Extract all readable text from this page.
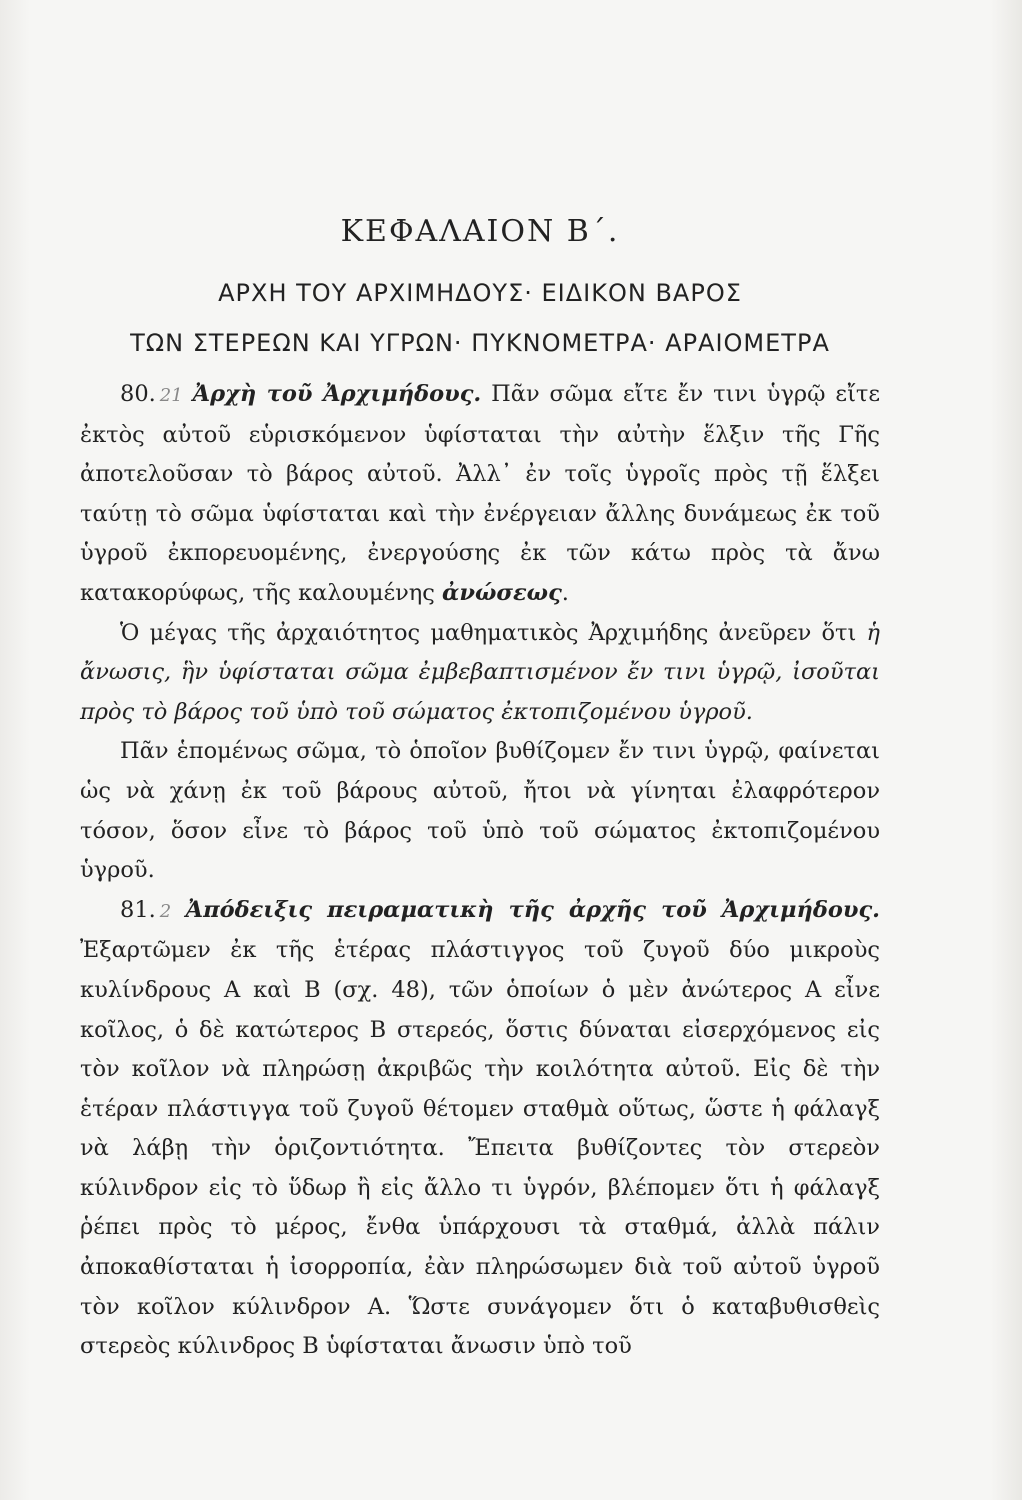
ΚΕΦΑΛΑΙΟΝ Β΄.
ΑΡΧΗ ΤΟΥ ΑΡΧΙΜΗΔΟΥΣ· ΕΙΔΙΚΟΝ ΒΑΡΟΣ
ΤΩΝ ΣΤΕΡΕΩΝ ΚΑΙ ΥΓΡΩΝ· ΠΥΚΝΟΜΕΤΡΑ· ΑΡΑΙΟΜΕΤΡΑ

80. 21 Ἀρχὴ τοῦ Ἀρχιμήδους. Πᾶν σῶμα εἴτε ἔν τινι ὑγρῷ εἴτε ἐκτὸς αὐτοῦ εὑρισκόμενον ὑφίσταται τὴν αὐτὴν ἕλξιν τῆς Γῆς ἀποτελοῦσαν τὸ βάρος αὐτοῦ. Ἀλλ᾽ ἐν τοῖς ὑγροῖς πρὸς τῇ ἕλξει ταύτῃ τὸ σῶμα ὑφίσταται καὶ τὴν ἐνέργειαν ἄλλης δυνάμεως ἐκ τοῦ ὑγροῦ ἐκπορευομένης, ἐνεργούσης ἐκ τῶν κάτω πρὸς τὰ ἄνω κατακορύφως, τῆς καλουμένης ἀνώσεως.

Ὁ μέγας τῆς ἀρχαιότητος μαθηματικὸς Ἀρχιμήδης ἀνεῦρεν ὅτι ἡ ἄνωσις, ἣν ὑφίσταται σῶμα ἐμβεβαπτισμένον ἔν τινι ὑγρῷ, ἰσοῦται πρὸς τὸ βάρος τοῦ ὑπὸ τοῦ σώματος ἐκτοπιζομένου ὑγροῦ.

Πᾶν ἑπομένως σῶμα, τὸ ὁποῖον βυθίζομεν ἔν τινι ὑγρῷ, φαίνεται ὡς νὰ χάνῃ ἐκ τοῦ βάρους αὐτοῦ, ἤτοι νὰ γίνηται ἐλαφρότερον τόσον, ὅσον εἶνε τὸ βάρος τοῦ ὑπὸ τοῦ σώματος ἐκτοπιζομένου ὑγροῦ.

81. 2 Ἀπόδειξις πειραματικὴ τῆς ἀρχῆς τοῦ Ἀρχιμήδους. Ἐξαρτῶμεν ἐκ τῆς ἑτέρας πλάστιγγος τοῦ ζυγοῦ δύο μικροὺς κυλίνδρους Α καὶ Β (σχ. 48), τῶν ὁποίων ὁ μὲν ἀνώτερος Α εἶνε κοῖλος, ὁ δὲ κατώτερος Β στερεός, ὅστις δύναται εἰσερχόμενος εἰς τὸν κοῖλον νὰ πληρώσῃ ἀκριβῶς τὴν κοιλότητα αὐτοῦ. Εἰς δὲ τὴν ἑτέραν πλάστιγγα τοῦ ζυγοῦ θέτομεν σταθμὰ οὕτως, ὥστε ἡ φάλαγξ νὰ λάβῃ τὴν ὁριζοντιότητα. Ἔπειτα βυθίζοντες τὸν στερεὸν κύλινδρον εἰς τὸ ὕδωρ ἢ εἰς ἄλλο τι ὑγρόν, βλέπομεν ὅτι ἡ φάλαγξ ῥέπει πρὸς τὸ μέρος, ἔνθα ὑπάρχουσι τὰ σταθμά, ἀλλὰ πάλιν ἀποκαθίσταται ἡ ἰσορροπία, ἐὰν πληρώσωμεν διὰ τοῦ αὐτοῦ ὑγροῦ τὸν κοῖλον κύλινδρον Α. Ὥστε συνάγομεν ὅτι ὁ καταβυθισθεὶς στερεὸς κύλινδρος Β ὑφίσταται ἄνωσιν ὑπὸ τοῦ
